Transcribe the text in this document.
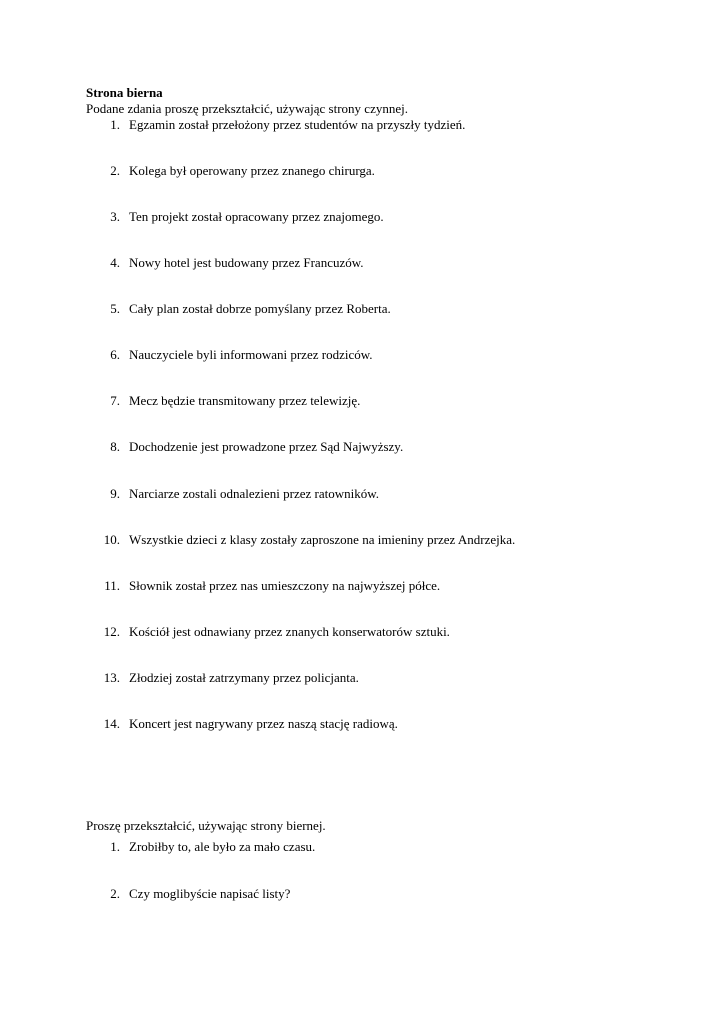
Strona bierna
Podane zdania proszę przekształcić, używając strony czynnej.
1. Egzamin został przełożony przez studentów na przyszły tydzień.
2. Kolega był operowany przez znanego chirurga.
3. Ten projekt został opracowany przez znajomego.
4. Nowy hotel jest budowany przez Francuzów.
5. Cały plan został dobrze pomyślany przez Roberta.
6. Nauczyciele byli informowani przez rodziców.
7. Mecz będzie transmitowany przez telewizję.
8. Dochodzenie jest prowadzone przez Sąd Najwyższy.
9. Narciarze zostali odnalezieni przez ratowników.
10. Wszystkie dzieci z klasy zostały zaproszone na imieniny przez Andrzejka.
11. Słownik został przez nas umieszczony na najwyższej półce.
12. Kościół jest odnawiany przez znanych konserwatorów sztuki.
13. Złodziej został zatrzymany przez policjanta.
14. Koncert jest nagrywany przez naszą stację radiową.
Proszę przekształcić, używając strony biernej.
1. Zrobiłby to, ale było za mało czasu.
2. Czy moglibyście napisać listy?
